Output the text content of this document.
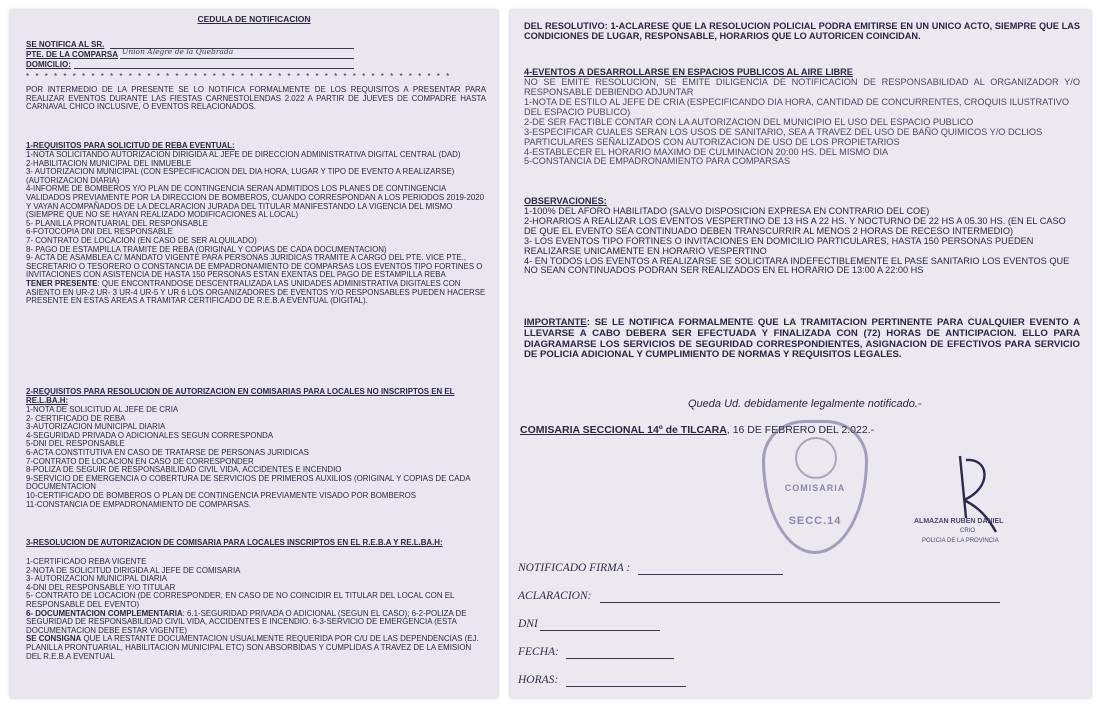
CEDULA DE NOTIFICACION
SE NOTIFICA AL SR.
PTE. DE LA COMPARSA Union Alegre de la Quebrada
DOMICILIO:
* * * * * * * * * * * * * * * * * * * * * * * * * * * * * * * * * * * * * * * * * * * * * *
POR INTERMEDIO DE LA PRESENTE SE LO NOTIFICA FORMALMENTE DE LOS REQUISITOS A PRESENTAR PARA REALIZAR EVENTOS DURANTE LAS FIESTAS CARNESTOLENDAS 2.022 A PARTIR DE JUEVES DE COMPADRE HASTA CARNAVAL CHICO INCLUSIVE, O EVENTOS RELACIONADOS.
1-REQUISITOS PARA SOLICITUD DE REBA EVENTUAL:
1-NOTA SOLICITANDO AUTORIZACION DIRIGIDA AL JEFE DE DIRECCION ADMINISTRATIVA DIGITAL CENTRAL (DAD)
2-HABILITACION MUNICIPAL DEL INMUEBLE
3- AUTORIZACION MUNICIPAL (CON ESPECIFICACION DEL DIA HORA, LUGAR Y TIPO DE EVENTO A REALIZARSE) (AUTORIZACION DIARIA)
4-INFORME DE BOMBEROS Y/O PLAN DE CONTINGENCIA SERAN ADMITIDOS LOS PLANES DE CONTINGENCIA VALIDADOS PREVIAMENTE POR LA DIRECCION DE BOMBEROS, CUANDO CORRESPONDAN A LOS PERIODOS 2019-2020 Y VAYAN ACOMPAÑADOS DE LA DECLARACION JURADA DEL TITULAR MANIFESTANDO LA VIGENCIA DEL MISMO (SIEMPRE QUE NO SE HAYAN REALIZADO MODIFICACIONES AL LOCAL)
5- PLANILLA PRONTUARIAL DEL RESPONSABLE
6-FOTOCOPIA DNI DEL RESPONSABLE
7- CONTRATO DE LOCACION (EN CASO DE SER ALQUILADO)
8- PAGO DE ESTAMPILLA TRAMITE DE REBA (ORIGINAL Y COPIAS DE CADA DOCUMENTACION)
9- ACTA DE ASAMBLEA C/ MANDATO VIGENTE PARA PERSONAS JURIDICAS TRAMITE A CARGO DEL PTE. VICE PTE., SECRETARIO O TESORERO O CONSTANCIA DE EMPADRONAMIENTO DE COMPARSAS LOS EVENTOS TIPO FORTINES O INVITACIONES CON ASISTENCIA DE HASTA 150 PERSONAS ESTAN EXENTAS DEL PAGO DE ESTAMPILLA REBA
TENER PRESENTE: QUE ENCONTRANDOSE DESCENTRALIZADA LAS UNIDADES ADMINISTRATIVA DIGITALES CON ASIENTO EN UR-2 UR- 3 UR-4 UR-5 Y UR 6 LOS ORGANIZADORES DE EVENTOS Y/O RESPONSABLES PUEDEN HACERSE PRESENTE EN ESTAS AREAS A TRAMITAR CERTIFICADO DE R.E.B.A EVENTUAL (DIGITAL).
2-REQUISITOS PARA RESOLUCION DE AUTORIZACION EN COMISARIAS PARA LOCALES NO INSCRIPTOS EN EL RE.L.BA.H:
1-NOTA DE SOLICITUD AL JEFE DE CRIA
2- CERTIFICADO DE REBA
3-AUTORIZACION MUNICIPAL DIARIA
4-SEGURIDAD PRIVADA O ADICIONALES SEGUN CORRESPONDA
5-DNI DEL RESPONSABLE
6-ACTA CONSTITUTIVA EN CASO DE TRATARSE DE PERSONAS JURIDICAS
7-CONTRATO DE LOCACION EN CASO DE CORRESPONDER
8-POLIZA DE SEGUIR DE RESPONSABILIDAD CIVIL VIDA, ACCIDENTES E INCENDIO
9-SERVICIO DE EMERGENCIA O COBERTURA DE SERVICIOS DE PRIMEROS AUXILIOS (ORIGINAL Y COPIAS DE CADA DOCUMENTACION
10-CERTIFICADO DE BOMBEROS O PLAN DE CONTINGENCIA PREVIAMENTE VISADO POR BOMBEROS
11-CONSTANCIA DE EMPADRONAMIENTO DE COMPARSAS.
3-RESOLUCION DE AUTORIZACION DE COMISARIA PARA LOCALES INSCRIPTOS EN EL R.E.B.A Y RE.L.BA.H:
1-CERTIFICADO REBA VIGENTE
2-NOTA DE SOLICITUD DIRIGIDA AL JEFE DE COMISARIA
3- AUTORIZACION MUNICIPAL DIARIA
4-DNI DEL RESPONSABLE Y/O TITULAR
5- CONTRATO DE LOCACION (DE CORRESPONDER, EN CASO DE NO COINCIDIR EL TITULAR DEL LOCAL CON EL RESPONSABLE DEL EVENTO)
6- DOCUMENTACION COMPLEMENTARIA: 6.1-SEGURIDAD PRIVADA O ADICIONAL (SEGUN EL CASO); 6-2-POLIZA DE SEGURIDAD DE RESPONSABILIDAD CIVIL VIDA, ACCIDENTES E INCENDIO. 6-3-SERVICIO DE EMERGENCIA (ESTA DOCUMENTACION DEBE ESTAR VIGENTE)
SE CONSIGNA QUE LA RESTANTE DOCUMENTACION USUALMENTE REQUERIDA POR C/U DE LAS DEPENDENCIAS (EJ. PLANILLA PRONTUARIAL, HABILITACION MUNICIPAL ETC) SON ABSORBIDAS Y CUMPLIDAS A TRAVEZ DE LA EMISION DEL R.E.B.A EVENTUAL
DEL RESOLUTIVO: 1-ACLARESE QUE LA RESOLUCION POLICIAL PODRA EMITIRSE EN UN UNICO ACTO, SIEMPRE QUE LAS CONDICIONES DE LUGAR, RESPONSABLE, HORARIOS QUE LO AUTORICEN COINCIDAN.
4-EVENTOS A DESARROLLARSE EN ESPACIOS PUBLICOS AL AIRE LIBRE
NO SE EMITE RESOLUCION, SE EMITE DILIGENCIA DE NOTIFICACION DE RESPONSABILIDAD AL ORGANIZADOR Y/O RESPONSABLE DEBIENDO ADJUNTAR
1-NOTA DE ESTILO AL JEFE DE CRIA (ESPECIFICANDO DIA HORA, CANTIDAD DE CONCURRENTES, CROQUIS ILUSTRATIVO DEL ESPACIO PUBLICO)
2-DE SER FACTIBLE CONTAR CON LA AUTORIZACION DEL MUNICIPIO EL USO DEL ESPACIO PUBLICO
3-ESPECIFICAR CUALES SERAN LOS USOS DE SANITARIO, SEA A TRAVEZ DEL USO DE BAÑO QUIMICOS Y/O DCLIOS PARTICULARES SEÑALIZADOS CON AUTORIZACION DE USO DE LOS PROPIETARIOS
4-ESTABLECER EL HORARIO MAXIMO DE CULMINACION 20:00 HS. DEL MISMO DIA
5-CONSTANCIA DE EMPADRONAMIENTO PARA COMPARSAS
OBSERVACIONES:
1-100% DEL AFORO HABILITADO (SALVO DISPOSICION EXPRESA EN CONTRARIO DEL COE)
2-HORARIOS A REALIZAR LOS EVENTOS VESPERTINO DE 13 HS A 22 HS. Y NOCTURNO DE 22 HS A 05.30 HS. (EN EL CASO DE QUE EL EVENTO SEA CONTINUADO DEBEN TRANSCURRIR AL MENOS 2 HORAS DE RECESO INTERMEDIO)
3- LOS EVENTOS TIPO FORTINES O INVITACIONES EN DOMICILIO PARTICULARES, HASTA 150 PERSONAS PUEDEN REALIZARSE UNICAMENTE EN HORARIO VESPERTINO
4- EN TODOS LOS EVENTOS A REALIZARSE SE SOLICITARA INDEFECTIBLEMENTE EL PASE SANITARIO LOS EVENTOS QUE NO SEAN CONTINUADOS PODRAN SER REALIZADOS EN EL HORARIO DE 13:00 A 22:00 HS
IMPORTANTE: SE LE NOTIFICA FORMALMENTE QUE LA TRAMITACION PERTINENTE PARA CUALQUIER EVENTO A LLEVARSE A CABO DEBERA SER EFECTUADA Y FINALIZADA CON (72) HORAS DE ANTICIPACION. ELLO PARA DIAGRAMARSE LOS SERVICIOS DE SEGURIDAD CORRESPONDIENTES, ASIGNACION DE EFECTIVOS PARA SERVICIO DE POLICIA ADICIONAL Y CUMPLIMIENTO DE NORMAS Y REQUISITOS LEGALES.
Queda Ud. debidamente legalmente notificado.-
COMISARIA SECCIONAL 14º de TILCARA, 16 DE FEBRERO DEL 2.022.-
COMISARIA
SECC.14	ALMAZAN RUBEN DANIEL
CRIO
POLICIA DE LA PROVINCIA
NOTIFICADO FIRMA :
ACLARACION:
DNI
FECHA:
HORAS:
